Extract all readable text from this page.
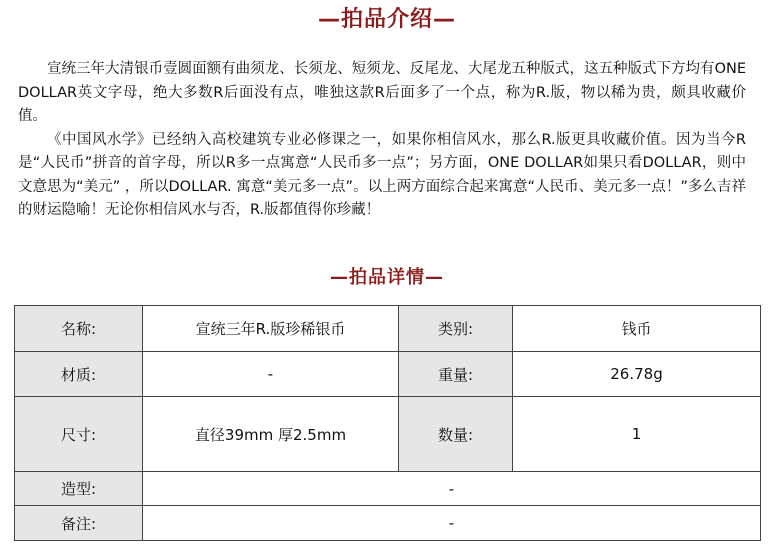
—拍品介绍—

宣统三年大清银币壹圆面额有曲须龙、长须龙、短须龙、反尾龙、大尾龙五种版式，这五种版式下方均有ONE DOLLAR英文字母，绝大多数R后面没有点，唯独这款R后面多了一个点，称为R.版，物以稀为贵，颇具收藏价值。

《中国风水学》已经纳入高校建筑专业必修课之一，如果你相信风水，那么R.版更具收藏价值。因为当今R是“人民币”拼音的首字母，所以R多一点寓意“人民币多一点”；另方面，ONE DOLLAR如果只看DOLLAR，则中文意思为“美元” ，所以DOLLAR. 寓意“美元多一点”。以上两方面综合起来寓意“人民币、美元多一点！”多么吉祥的财运隐喻！无论你相信风水与否，R.版都值得你珍藏！

—拍品详情—
名称:	宣统三年R.版珍稀银币	类别:	钱币
材质:	-	重量:	26.78g
尺寸:	直径39mm 厚2.5mm	数量:	1
造型:	-		
备注:	-		
